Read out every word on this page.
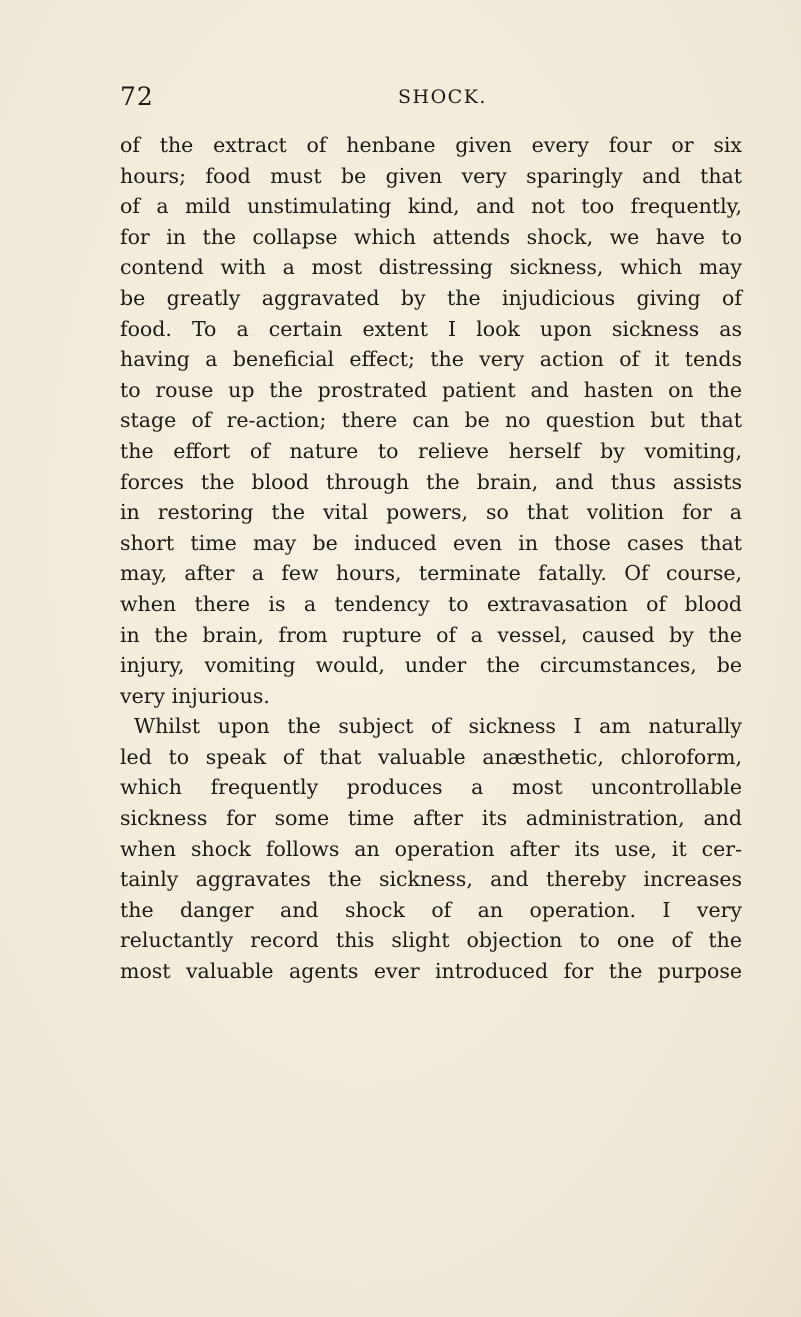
72	SHOCK.
of the extract of henbane given every four or six
hours; food must be given very sparingly and that
of a mild unstimulating kind, and not too frequently,
for in the collapse which attends shock, we have to
contend with a most distressing sickness, which may
be greatly aggravated by the injudicious giving of
food. To a certain extent I look upon sickness as
having a beneficial effect; the very action of it tends
to rouse up the prostrated patient and hasten on the
stage of re-action; there can be no question but that
the effort of nature to relieve herself by vomiting,
forces the blood through the brain, and thus assists
in restoring the vital powers, so that volition for a
short time may be induced even in those cases that
may, after a few hours, terminate fatally. Of course,
when there is a tendency to extravasation of blood
in the brain, from rupture of a vessel, caused by the
injury, vomiting would, under the circumstances, be
very injurious.
Whilst upon the subject of sickness I am naturally
led to speak of that valuable anæsthetic, chloroform,
which frequently produces a most uncontrollable
sickness for some time after its administration, and
when shock follows an operation after its use, it cer-
tainly aggravates the sickness, and thereby increases
the danger and shock of an operation. I very
reluctantly record this slight objection to one of the
most valuable agents ever introduced for the purpose
